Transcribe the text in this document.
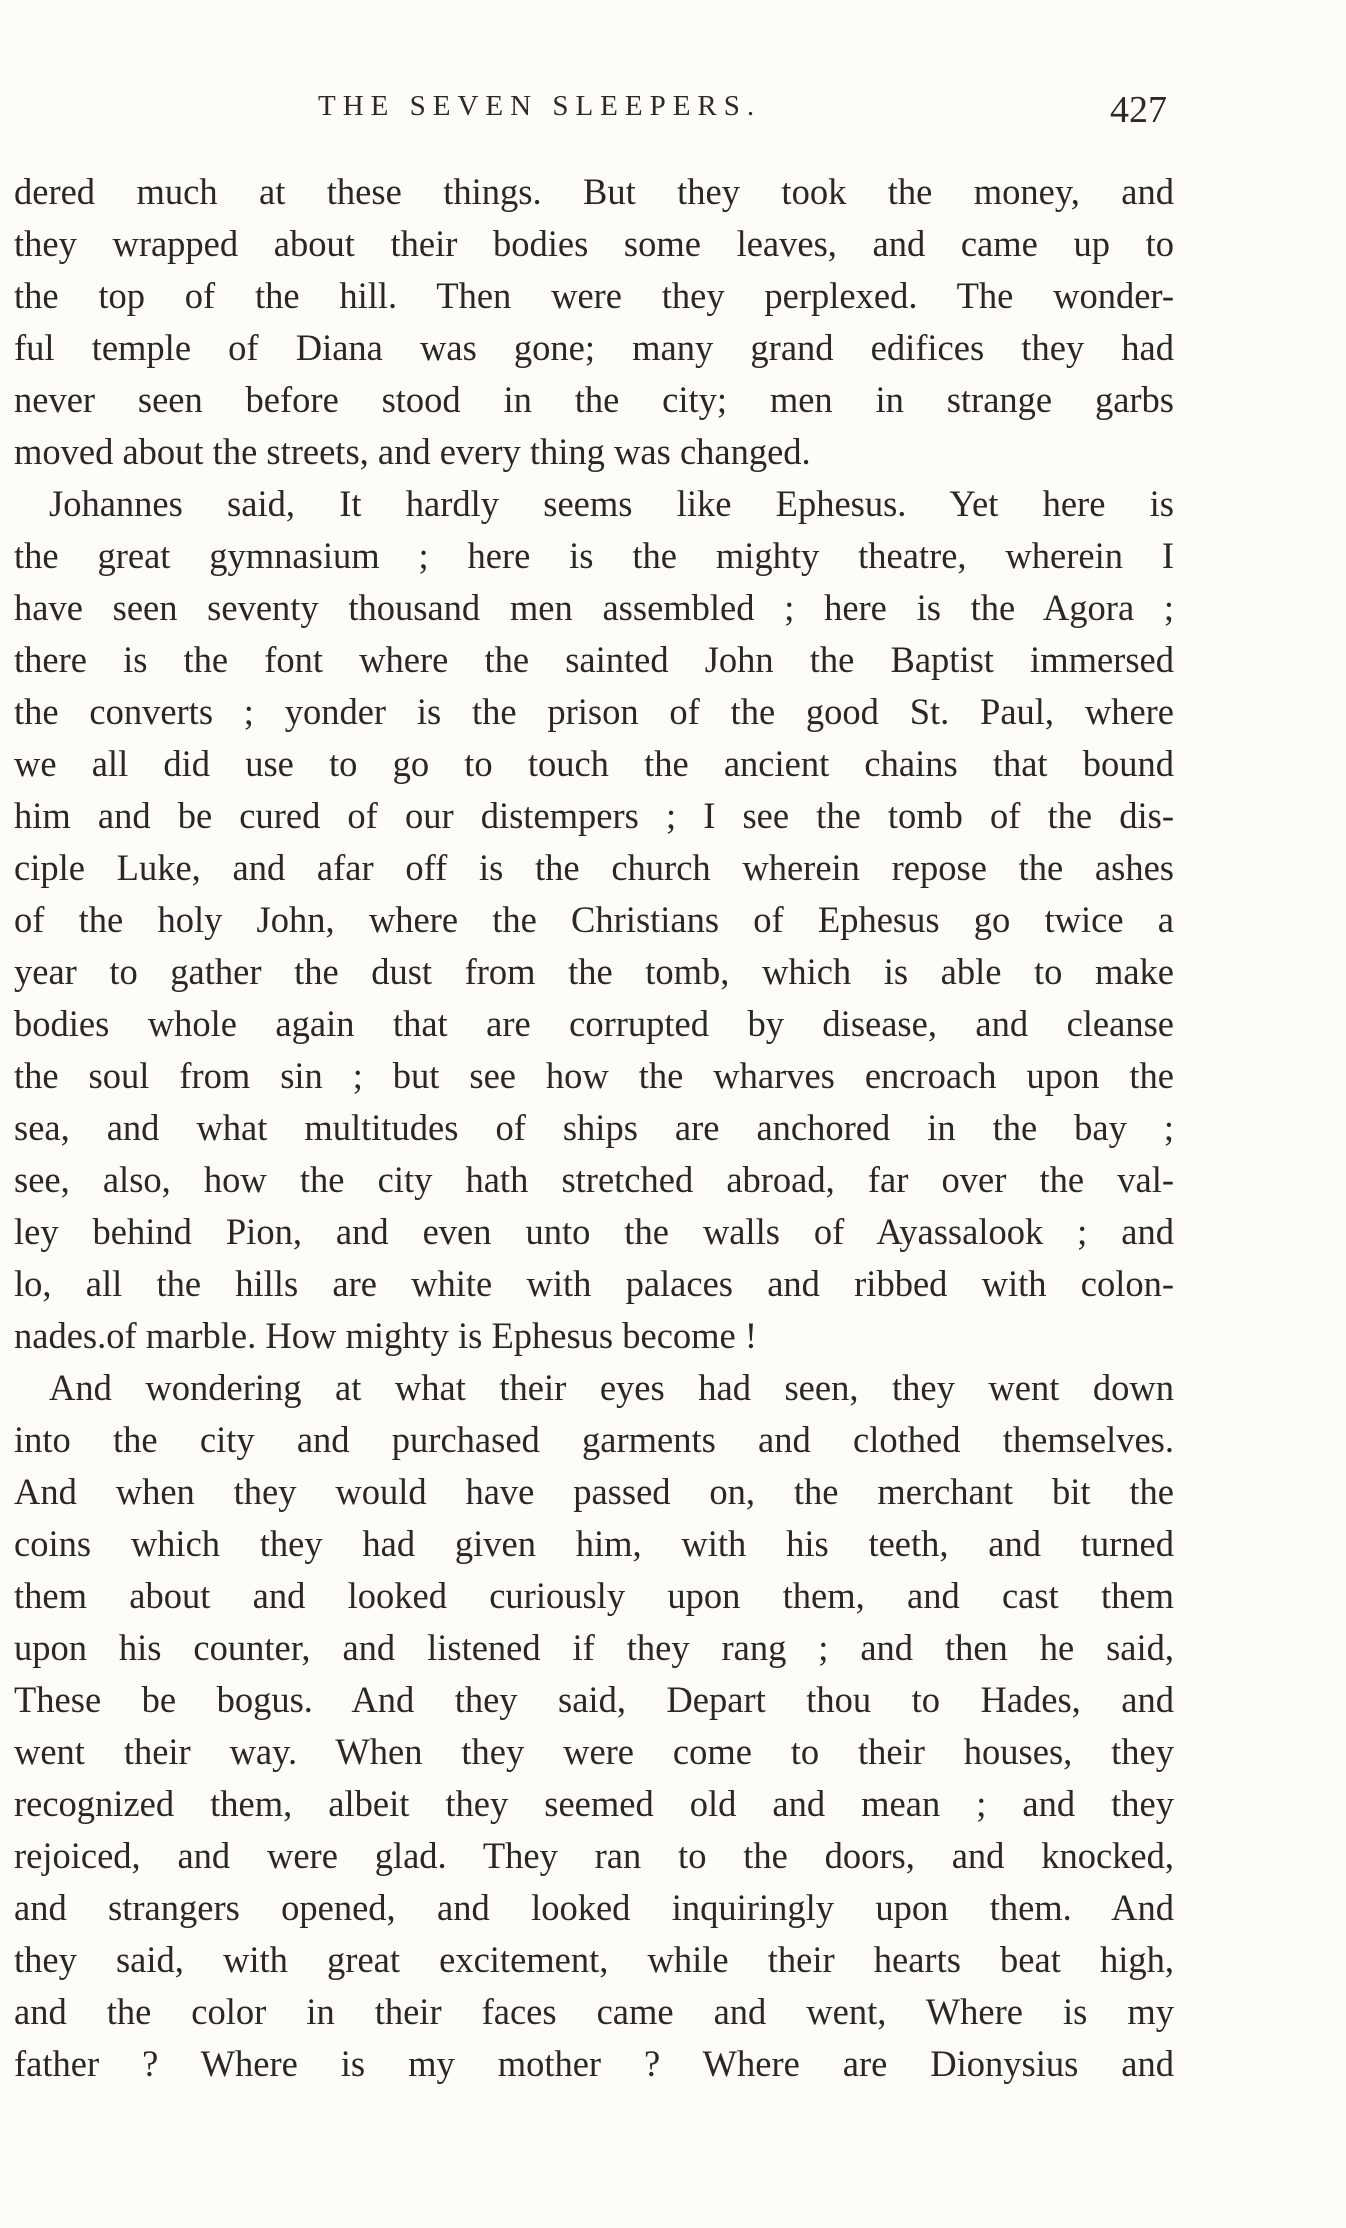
THE SEVEN SLEEPERS.	427
dered much at these things. But they took the money, and
they wrapped about their bodies some leaves, and came up to
the top of the hill. Then were they perplexed. The wonder-
ful temple of Diana was gone; many grand edifices they had
never seen before stood in the city; men in strange garbs
moved about the streets, and every thing was changed.
Johannes said, It hardly seems like Ephesus. Yet here is
the great gymnasium ; here is the mighty theatre, wherein I
have seen seventy thousand men assembled ; here is the Agora ;
there is the font where the sainted John the Baptist immersed
the converts ; yonder is the prison of the good St. Paul, where
we all did use to go to touch the ancient chains that bound
him and be cured of our distempers ; I see the tomb of the dis-
ciple Luke, and afar off is the church wherein repose the ashes
of the holy John, where the Christians of Ephesus go twice a
year to gather the dust from the tomb, which is able to make
bodies whole again that are corrupted by disease, and cleanse
the soul from sin ; but see how the wharves encroach upon the
sea, and what multitudes of ships are anchored in the bay ;
see, also, how the city hath stretched abroad, far over the val-
ley behind Pion, and even unto the walls of Ayassalook ; and
lo, all the hills are white with palaces and ribbed with colon-
nades.of marble. How mighty is Ephesus become !
And wondering at what their eyes had seen, they went down
into the city and purchased garments and clothed themselves.
And when they would have passed on, the merchant bit the
coins which they had given him, with his teeth, and turned
them about and looked curiously upon them, and cast them
upon his counter, and listened if they rang ; and then he said,
These be bogus. And they said, Depart thou to Hades, and
went their way. When they were come to their houses, they
recognized them, albeit they seemed old and mean ; and they
rejoiced, and were glad. They ran to the doors, and knocked,
and strangers opened, and looked inquiringly upon them. And
they said, with great excitement, while their hearts beat high,
and the color in their faces came and went, Where is my
father ? Where is my mother ? Where are Dionysius and
